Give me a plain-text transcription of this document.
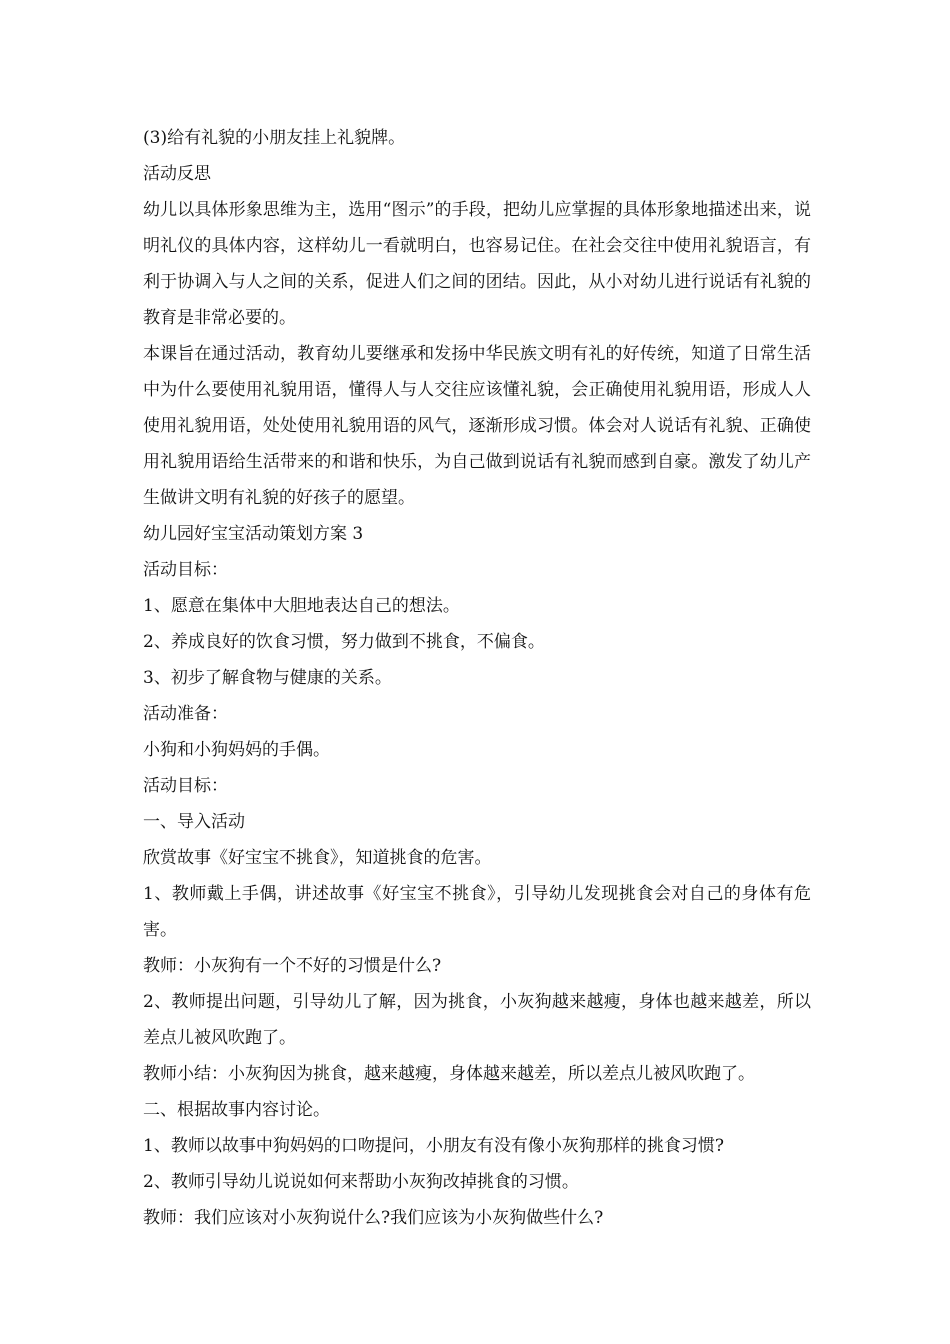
(3)给有礼貌的小朋友挂上礼貌牌。

活动反思

幼儿以具体形象思维为主，选用“图示”的手段，把幼儿应掌握的具体形象地描述出来，说明礼仪的具体内容，这样幼儿一看就明白，也容易记住。在社会交往中使用礼貌语言，有利于协调入与人之间的关系，促进人们之间的团结。因此，从小对幼儿进行说话有礼貌的教育是非常必要的。

本课旨在通过活动，教育幼儿要继承和发扬中华民族文明有礼的好传统，知道了日常生活中为什么要使用礼貌用语，懂得人与人交往应该懂礼貌，会正确使用礼貌用语，形成人人使用礼貌用语，处处使用礼貌用语的风气，逐渐形成习惯。体会对人说话有礼貌、正确使用礼貌用语给生活带来的和谐和快乐，为自己做到说话有礼貌而感到自豪。激发了幼儿产生做讲文明有礼貌的好孩子的愿望。

幼儿园好宝宝活动策划方案 3

活动目标：

1、愿意在集体中大胆地表达自己的想法。

2、养成良好的饮食习惯，努力做到不挑食，不偏食。

3、初步了解食物与健康的关系。

活动准备：

小狗和小狗妈妈的手偶。

活动目标：

一、导入活动

欣赏故事《好宝宝不挑食》，知道挑食的危害。

1、教师戴上手偶，讲述故事《好宝宝不挑食》，引导幼儿发现挑食会对自己的身体有危害。

教师：小灰狗有一个不好的习惯是什么?

2、教师提出问题，引导幼儿了解，因为挑食，小灰狗越来越瘦，身体也越来越差，所以差点儿被风吹跑了。

教师小结：小灰狗因为挑食，越来越瘦，身体越来越差，所以差点儿被风吹跑了。

二、根据故事内容讨论。

1、教师以故事中狗妈妈的口吻提问，小朋友有没有像小灰狗那样的挑食习惯?

2、教师引导幼儿说说如何来帮助小灰狗改掉挑食的习惯。

教师：我们应该对小灰狗说什么?我们应该为小灰狗做些什么?
